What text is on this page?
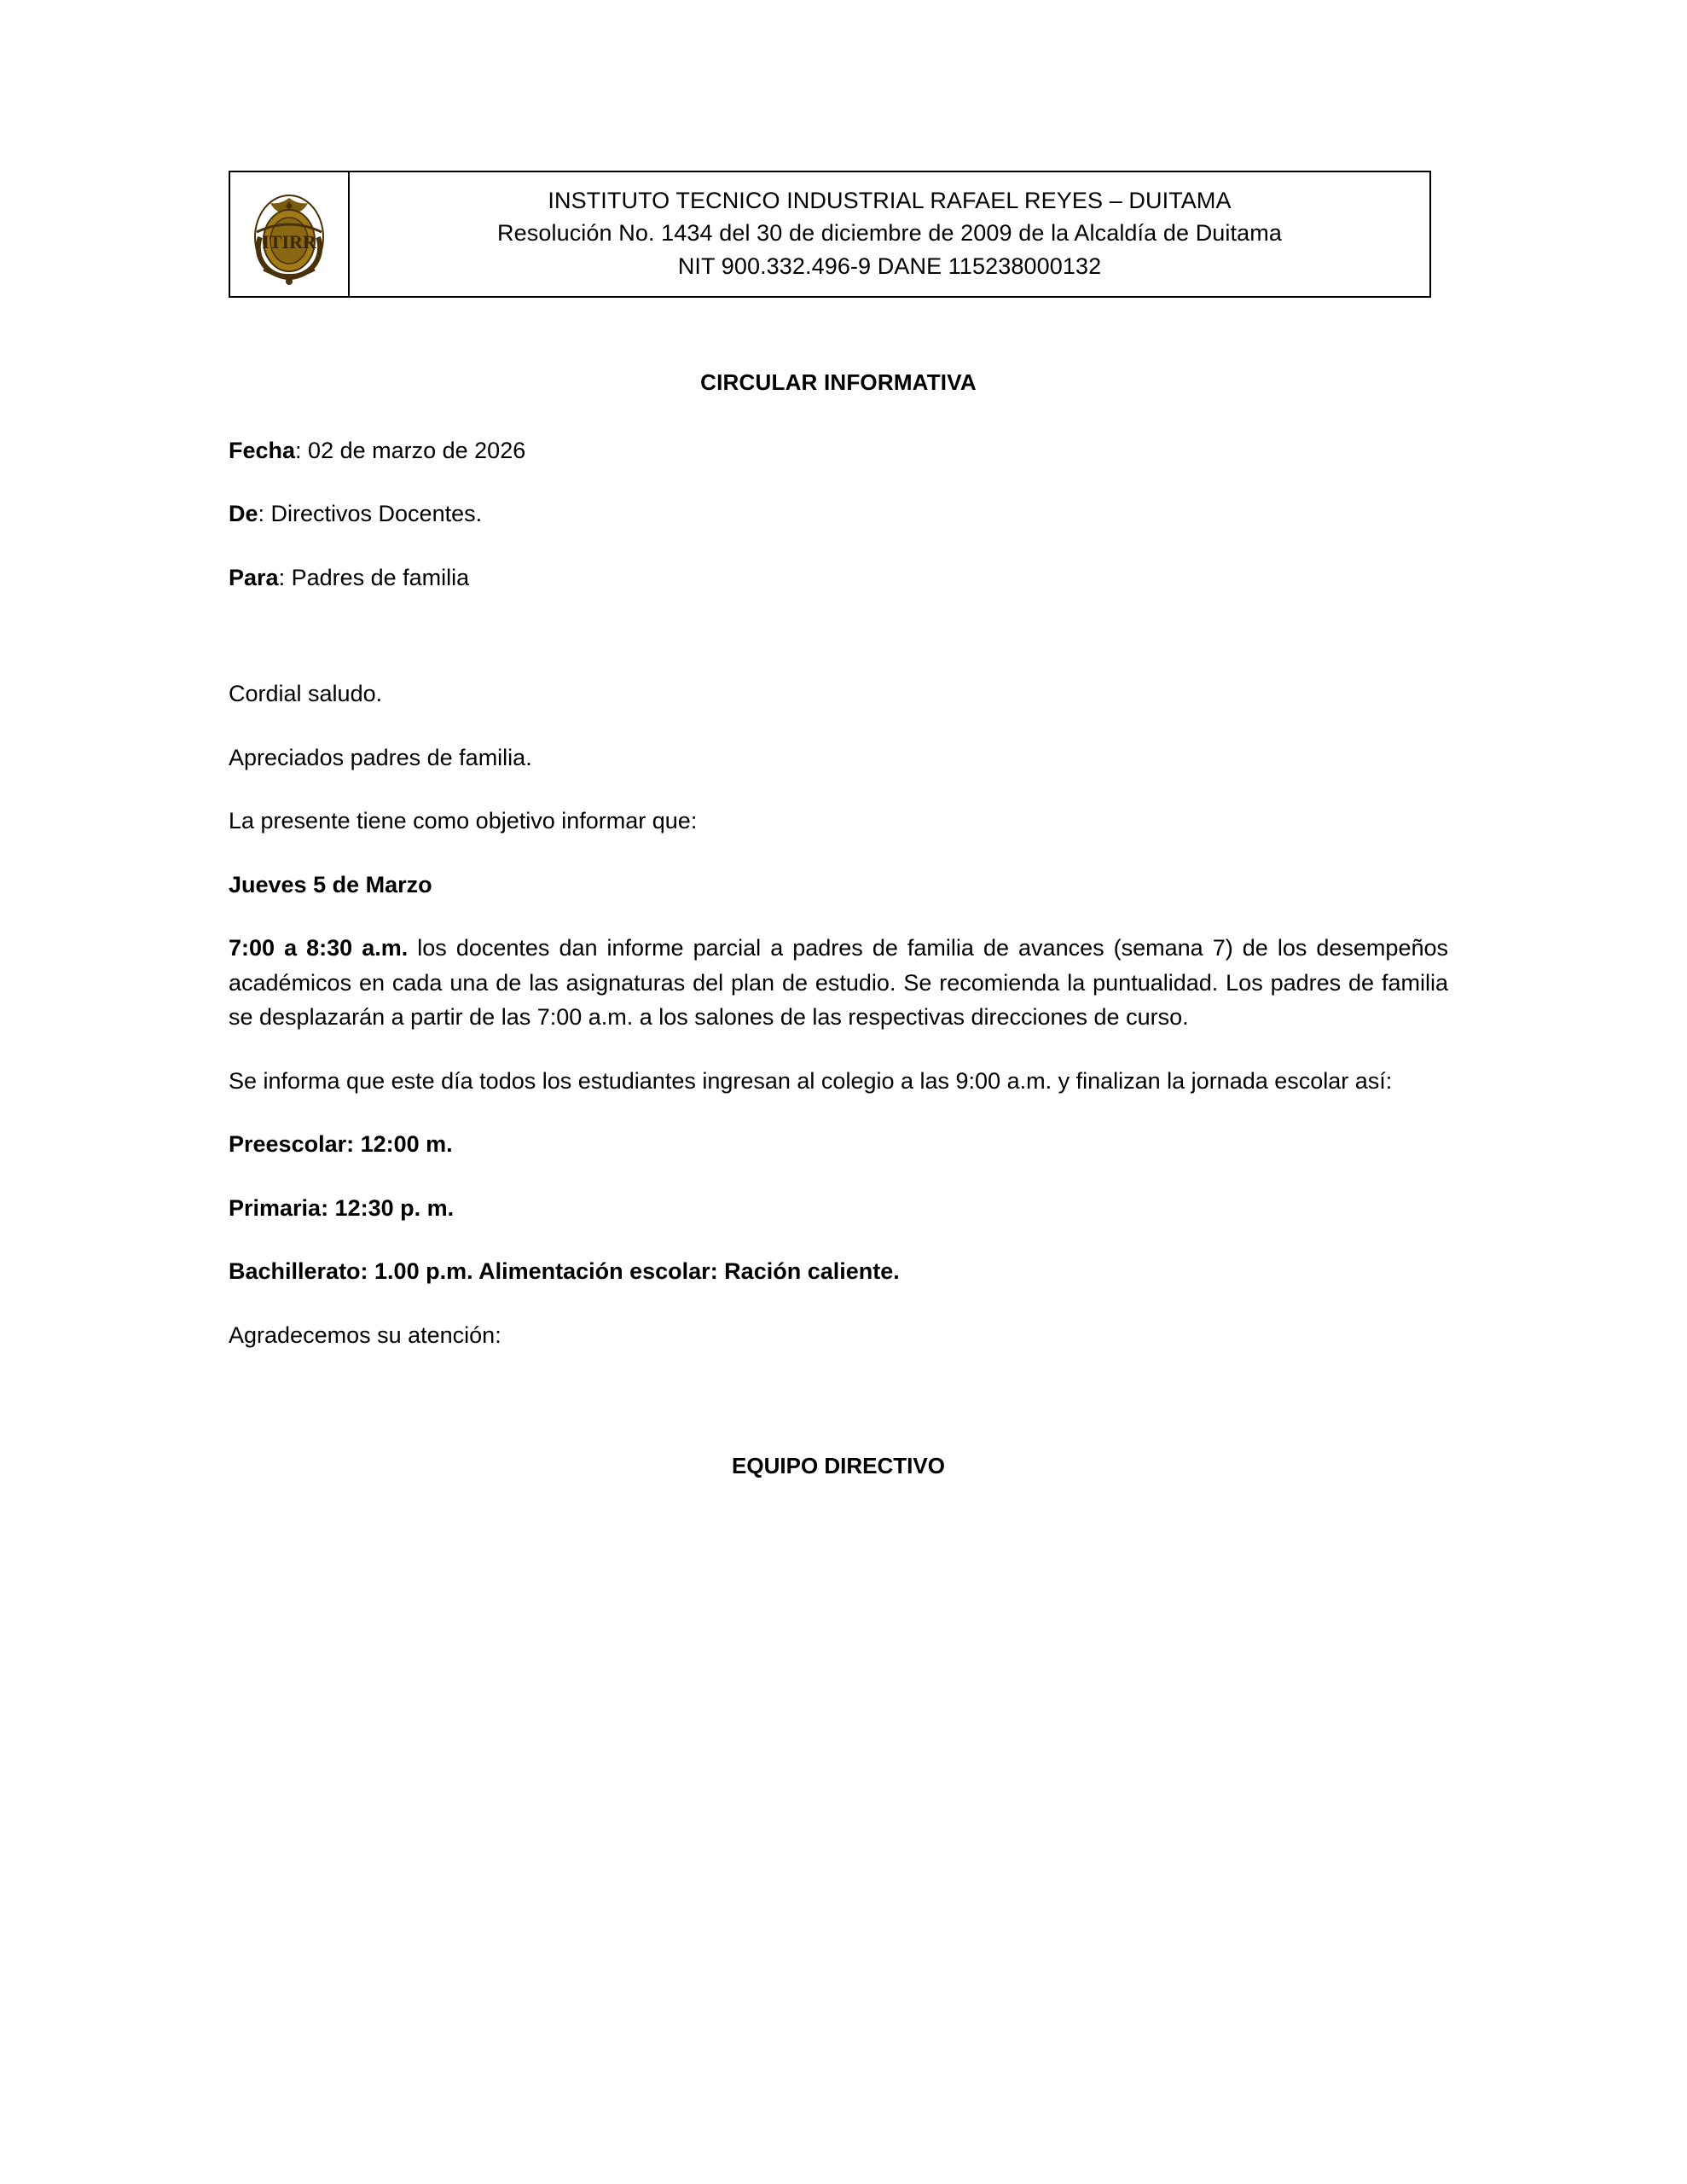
ITIRR
INSTITUTO TECNICO INDUSTRIAL RAFAEL REYES – DUITAMA
Resolución No. 1434 del 30 de diciembre de 2009 de la Alcaldía de Duitama
NIT 900.332.496-9 DANE 115238000132
CIRCULAR INFORMATIVA

Fecha: 02 de marzo de 2026

De: Directivos Docentes.

Para: Padres de familia

Cordial saludo.

Apreciados padres de familia.

La presente tiene como objetivo informar que:

Jueves 5 de Marzo

7:00 a 8:30 a.m. los docentes dan informe parcial a padres de familia de avances (semana 7) de los desempeños académicos en cada una de las asignaturas del plan de estudio. Se recomienda la puntualidad. Los padres de familia se desplazarán a partir de las 7:00 a.m. a los salones de las respectivas direcciones de curso.

Se informa que este día todos los estudiantes ingresan al colegio a las 9:00 a.m. y finalizan la jornada escolar así:

Preescolar: 12:00 m.

Primaria: 12:30 p. m.

Bachillerato: 1.00 p.m. Alimentación escolar: Ración caliente.

Agradecemos su atención:

EQUIPO DIRECTIVO
